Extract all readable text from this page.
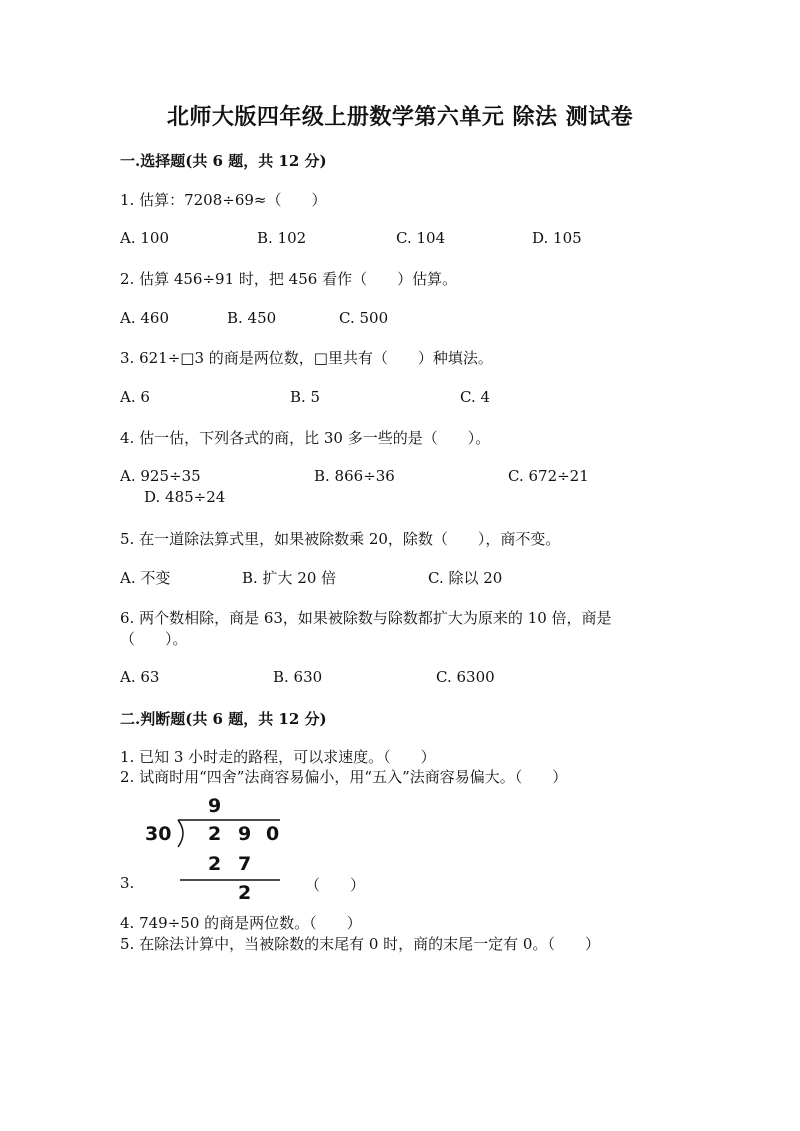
北师大版四年级上册数学第六单元 除法 测试卷
一.选择题(共 6 题，共 12 分)
1. 估算：7208÷69≈（　　）
A. 100	B. 102	C. 104	D. 105
2. 估算 456÷91 时，把 456 看作（　　）估算。
A. 460	B. 450	C. 500
3. 621÷□3 的商是两位数，□里共有（　　）种填法。
A. 6	B. 5	C. 4
4. 估一估，下列各式的商，比 30 多一些的是（　　）。
A. 925÷35	B. 866÷36	C. 672÷21
D. 485÷24
5. 在一道除法算式里，如果被除数乘 20，除数（　　），商不变。
A. 不变	B. 扩大 20 倍	C. 除以 20
6. 两个数相除，商是 63，如果被除数与除数都扩大为原来的 10 倍，商是
（　　）。
A. 63	B. 630	C. 6300
二.判断题(共 6 题，共 12 分)
1. 已知 3 小时走的路程，可以求速度。（　　）
2. 试商时用“四舍”法商容易偏小，用“五入”法商容易偏大。（　　）
9
30 2 9 0
2 7
2
3.	（　　）
4. 749÷50 的商是两位数。（　　）
5. 在除法计算中，当被除数的末尾有 0 时，商的末尾一定有 0。（　　）
